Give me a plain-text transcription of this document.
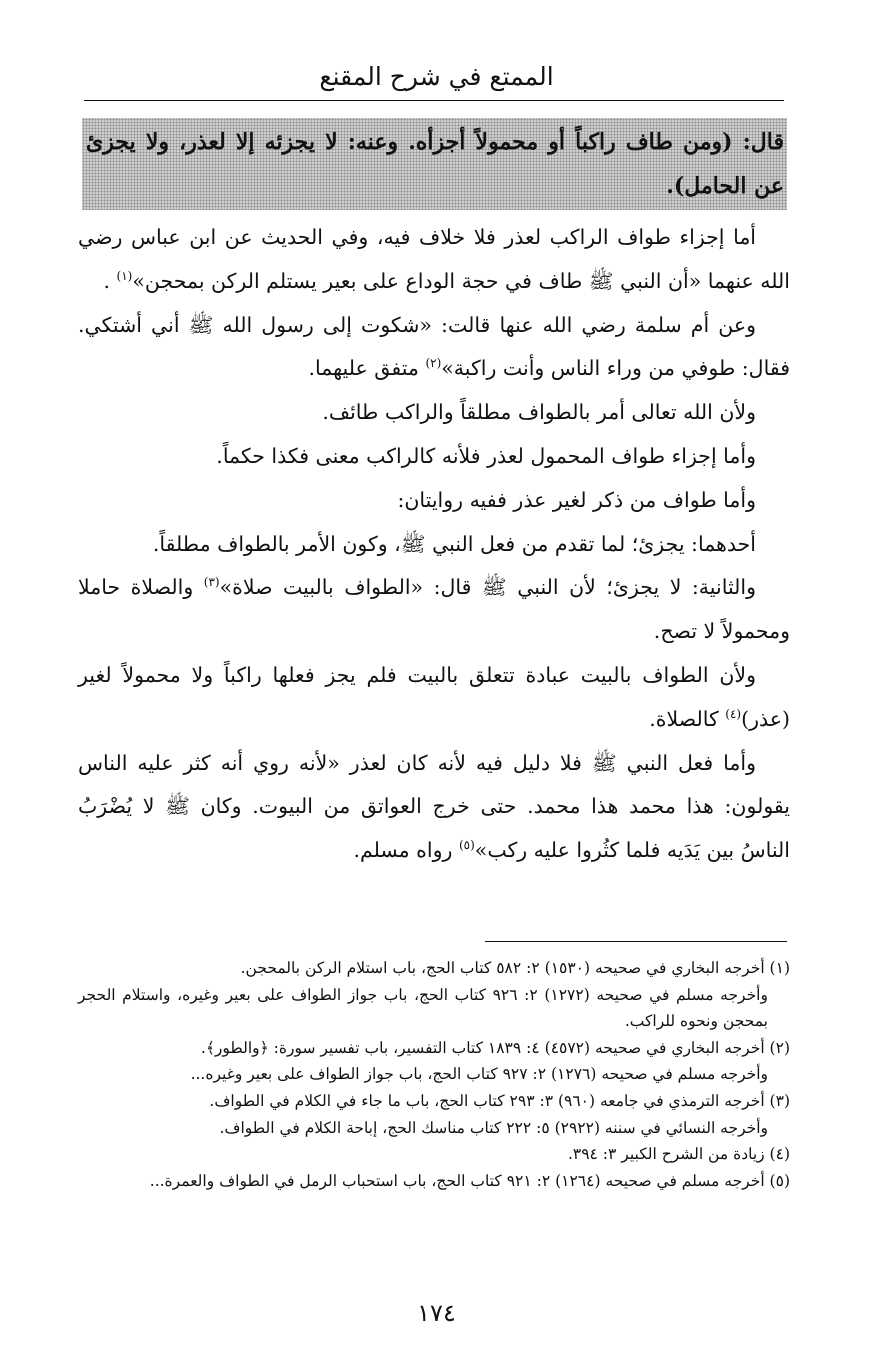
الممتع في شرح المقنع
قال: (ومن طاف راكباً أو محمولاً أجزأه. وعنه: لا يجزئه إلا لعذر، ولا يجزئ عن الحامل).

أما إجزاء طواف الراكب لعذر فلا خلاف فيه، وفي الحديث عن ابن عباس رضي الله عنهما «أن النبي ﷺ طاف في حجة الوداع على بعير يستلم الركن بمحجن»$^{(١)}$ .

وعن أم سلمة رضي الله عنها قالت: «شكوت إلى رسول الله ﷺ أني أشتكي. فقال: طوفي من وراء الناس وأنت راكبة»$^{(٢)}$ متفق عليهما.

ولأن الله تعالى أمر بالطواف مطلقاً والراكب طائف.

وأما إجزاء طواف المحمول لعذر فلأنه كالراكب معنى فكذا حكماً.

وأما طواف من ذكر لغير عذر ففيه روايتان:

أحدهما: يجزئ؛ لما تقدم من فعل النبي ﷺ، وكون الأمر بالطواف مطلقاً.

والثانية: لا يجزئ؛ لأن النبي ﷺ قال: «الطواف بالبيت صلاة»$^{(٣)}$ والصلاة حاملا ومحمولاً لا تصح.

ولأن الطواف بالبيت عبادة تتعلق بالبيت فلم يجز فعلها راكباً ولا محمولاً لغير (عذر)$^{(٤)}$ كالصلاة.

وأما فعل النبي ﷺ فلا دليل فيه لأنه كان لعذر «لأنه روي أنه كثر عليه الناس يقولون: هذا محمد هذا محمد. حتى خرج العواتق من البيوت. وكان ﷺ لا يُضْرَبُ الناسُ بين يَدَيه فلما كثُروا عليه ركب»$^{(٥)}$ رواه مسلم.

(١) أخرجه البخاري في صحيحه (١٥٣٠) ٢: ٥٨٢ كتاب الحج، باب استلام الركن بالمحجن.

وأخرجه مسلم في صحيحه (١٢٧٢) ٢: ٩٢٦ كتاب الحج، باب جواز الطواف على بعير وغيره، واستلام الحجر بمحجن ونحوه للراكب.

(٢) أخرجه البخاري في صحيحه (٤٥٧٢) ٤: ١٨٣٩ كتاب التفسير، باب تفسير سورة: ﴿والطور﴾.

وأخرجه مسلم في صحيحه (١٢٧٦) ٢: ٩٢٧ كتاب الحج، باب جواز الطواف على بعير وغيره...

(٣) أخرجه الترمذي في جامعه (٩٦٠) ٣: ٢٩٣ كتاب الحج، باب ما جاء في الكلام في الطواف.

وأخرجه النسائي في سننه (٢٩٢٢) ٥: ٢٢٢ كتاب مناسك الحج، إباحة الكلام في الطواف.

(٤) زيادة من الشرح الكبير ٣: ٣٩٤.

(٥) أخرجه مسلم في صحيحه (١٢٦٤) ٢: ٩٢١ كتاب الحج، باب استحباب الرمل في الطواف والعمرة...

١٧٤
